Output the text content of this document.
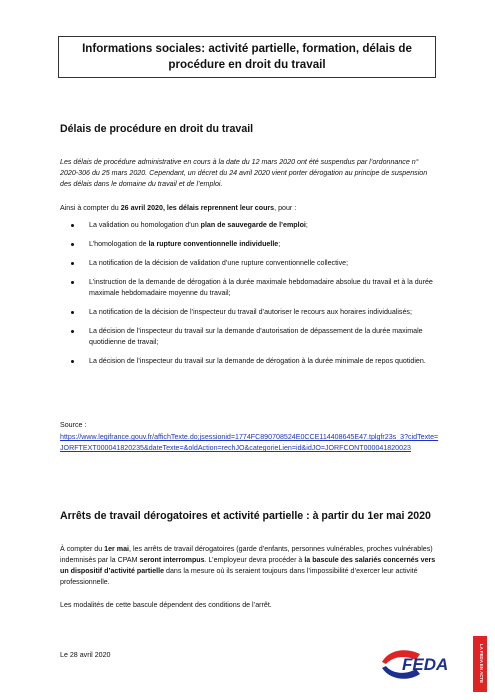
Informations sociales: activité partielle, formation, délais de procédure en droit du travail
Délais de procédure en droit du travail
Les délais de procédure administrative en cours à la date du 12 mars 2020 ont été suspendus par l’ordonnance n° 2020-306 du 25 mars 2020. Cependant, un décret du 24 avril 2020 vient porter dérogation au principe de suspension des délais dans le domaine du travail et de l’emploi.
Ainsi à compter du 26 avril 2020, les délais reprennent leur cours, pour :
La validation ou homologation d’un plan de sauvegarde de l’emploi;
L’homologation de la rupture conventionnelle individuelle;
La notification de la décision de validation d’une rupture conventionnelle collective;
L’instruction de la demande de dérogation à la durée maximale hebdomadaire absolue du travail et à la durée maximale hebdomadaire moyenne du travail;
La notification de la décision de l’inspecteur du travail d’autoriser le recours aux horaires individualisés;
La décision de l’inspecteur du travail sur la demande d’autorisation de dépassement de la durée maximale quotidienne de travail;
La décision de l’inspecteur du travail sur la demande de dérogation à la durée minimale de repos quotidien.
Source :
https://www.legifrance.gouv.fr/affichTexte.do;jsessionid=1774FC890708524E0CCE114408645E47.tplgfr23s_3?cidTexte=JORFTEXT000041820235&dateTexte=&oldAction=rechJO&categorieLien=id&idJO=JORFCONT000041820023
Arrêts de travail dérogatoires et activité partielle : à partir du 1er mai 2020
À compter du 1er mai, les arrêts de travail dérogatoires (garde d’enfants, personnes vulnérables, proches vulnérables) indemnisés par la CPAM seront interrompus. L’employeur devra procéder à la bascule des salariés concernés vers un dispositif d’activité partielle dans la mesure où ils seraient toujours dans l’impossibilité d’exercer leur activité professionnelle.
Les modalités de cette bascule dépendent des conditions de l’arrêt.
Le 28 avril 2020	LA FEDA EN ACTE
FEDA
